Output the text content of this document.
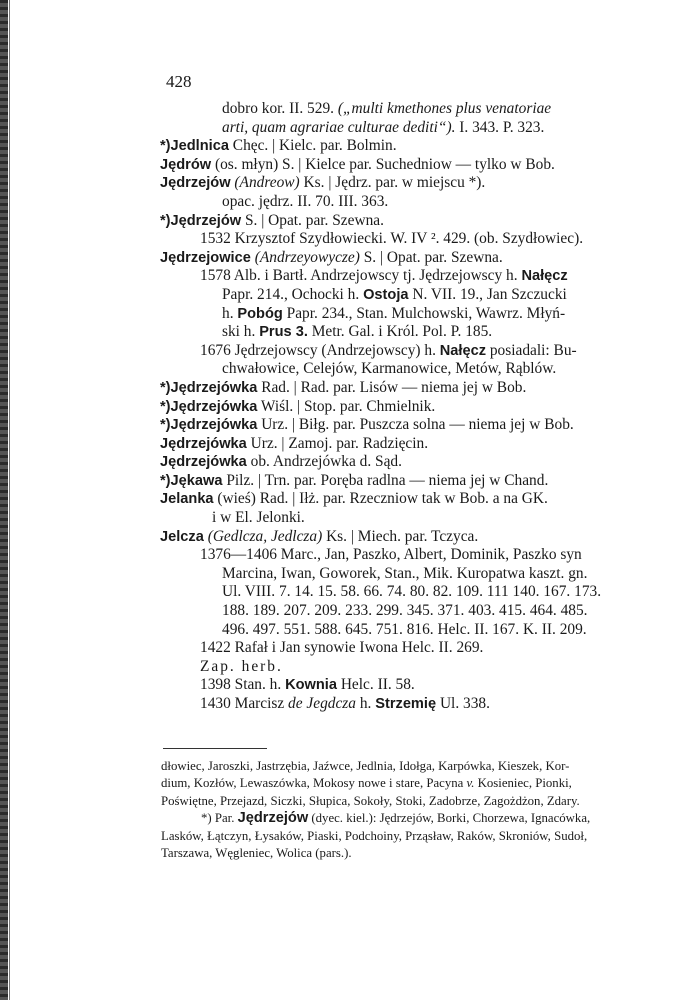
428
dobro kor. II. 529. („multi kmethones plus venatoriae
arti, quam agrariae culturae dediti“). I. 343. P. 323.
*)Jedlnica Chęc. | Kielc. par. Bolmin.
Jędrów (os. młyn) S. | Kielce par. Suchedniow — tylko w Bob.
Jędrzejów (Andreow) Ks. | Jędrz. par. w miejscu *).
opac. jędrz. II. 70. III. 363.
*)Jędrzejów S. | Opat. par. Szewna.
1532 Krzysztof Szydłowiecki. W. IV ². 429. (ob. Szydłowiec).
Jędrzejowice (Andrzeyowycze) S. | Opat. par. Szewna.
1578 Alb. i Bartł. Andrzejowscy tj. Jędrzejowscy h. Nałęcz
Papr. 214., Ochocki h. Ostoja N. VII. 19., Jan Szczucki
h. Pobóg Papr. 234., Stan. Mulchowski, Wawrz. Młyń-
ski h. Prus 3. Metr. Gal. i Król. Pol. P. 185.
1676 Jędrzejowscy (Andrzejowscy) h. Nałęcz posiadali: Bu-
chwałowice, Celejów, Karmanowice, Metów, Rąblów.
*)Jędrzejówka Rad. | Rad. par. Lisów — niema jej w Bob.
*)Jędrzejówka Wiśl. | Stop. par. Chmielnik.
*)Jędrzejówka Urz. | Biłg. par. Puszcza solna — niema jej w Bob.
Jędrzejówka Urz. | Zamoj. par. Radzięcin.
Jędrzejówka ob. Andrzejówka d. Sąd.
*)Jękawa Pilz. | Trn. par. Poręba radlna — niema jej w Chand.
Jelanka (wieś) Rad. | Iłż. par. Rzeczniow tak w Bob. a na GK.
i w El. Jelonki.
Jelcza (Gedlcza, Jedlcza) Ks. | Miech. par. Tczyca.
1376—1406 Marc., Jan, Paszko, Albert, Dominik, Paszko syn
Marcina, Iwan, Goworek, Stan., Mik. Kuropatwa kaszt. gn.
Ul. VIII. 7. 14. 15. 58. 66. 74. 80. 82. 109. 111 140. 167. 173.
188. 189. 207. 209. 233. 299. 345. 371. 403. 415. 464. 485.
496. 497. 551. 588. 645. 751. 816. Helc. II. 167. K. II. 209.
1422 Rafał i Jan synowie Iwona Helc. II. 269.
Zap. herb.
1398 Stan. h. Kownia Helc. II. 58.
1430 Marcisz de Jegdcza h. Strzemię Ul. 338.
dłowiec, Jaroszki, Jastrzębia, Jaźwce, Jedlnia, Idołga, Karpówka, Kieszek, Kor-
dium, Kozłów, Lewaszówka, Mokosy nowe i stare, Pacyna v. Kosieniec, Pionki,
Poświętne, Przejazd, Siczki, Słupica, Sokoły, Stoki, Zadobrze, Zagożdżon, Zdary.
*) Par. Jędrzejów (dyec. kiel.): Jędrzejów, Borki, Chorzewa, Ignacówka,
Lasków, Łątczyn, Łysaków, Piaski, Podchoiny, Prząsław, Raków, Skroniów, Sudoł,
Tarszawa, Węgleniec, Wolica (pars.).
